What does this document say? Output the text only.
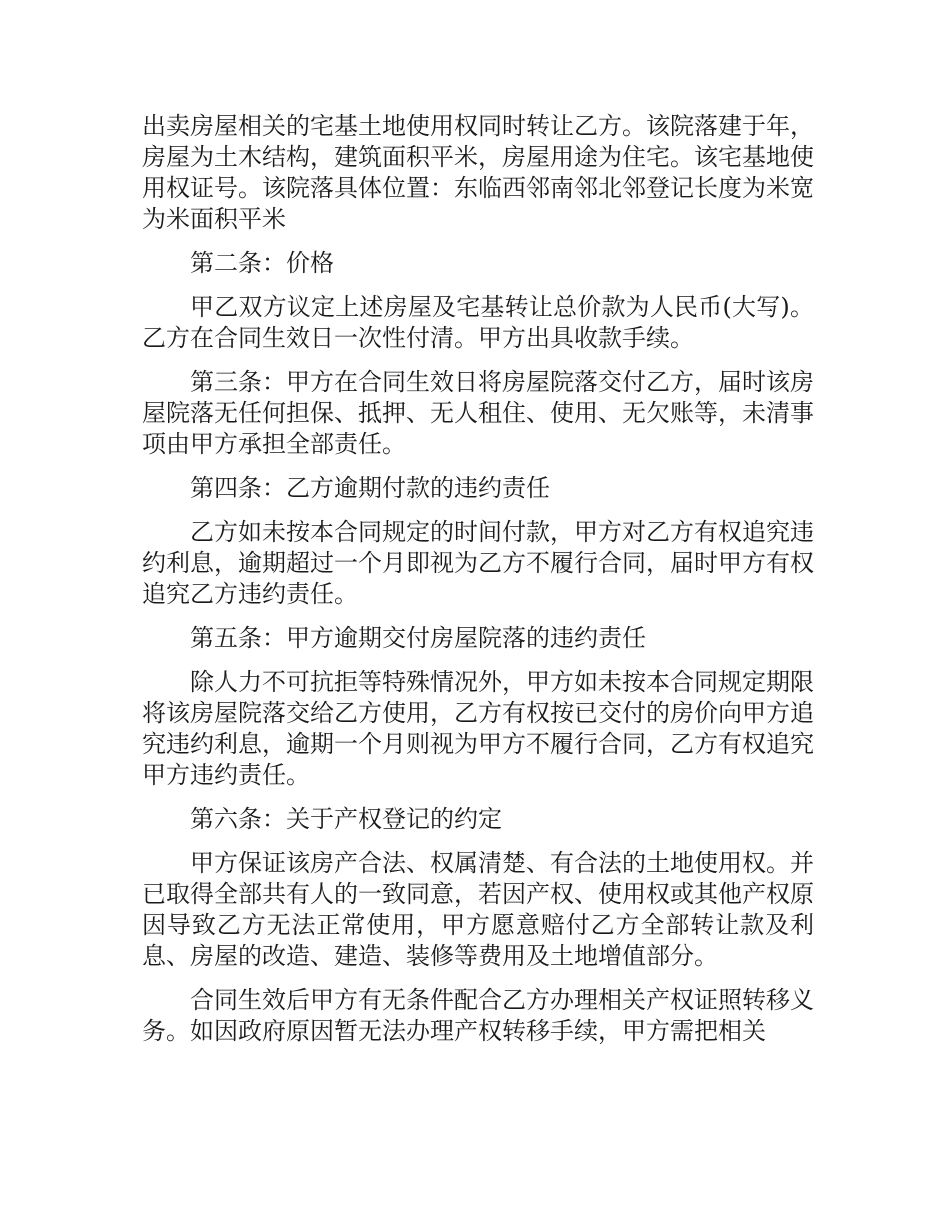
出卖房屋相关的宅基土地使用权同时转让乙方。该院落建于年，房屋为土木结构，建筑面积平米，房屋用途为住宅。该宅基地使用权证号。该院落具体位置：东临西邻南邻北邻登记长度为米宽为米面积平米

第二条：价格

甲乙双方议定上述房屋及宅基转让总价款为人民币(大写)。乙方在合同生效日一次性付清。甲方出具收款手续。

第三条：甲方在合同生效日将房屋院落交付乙方，届时该房屋院落无任何担保、抵押、无人租住、使用、无欠账等，未清事项由甲方承担全部责任。

第四条：乙方逾期付款的违约责任

乙方如未按本合同规定的时间付款，甲方对乙方有权追究违约利息，逾期超过一个月即视为乙方不履行合同，届时甲方有权追究乙方违约责任。

第五条：甲方逾期交付房屋院落的违约责任

除人力不可抗拒等特殊情况外，甲方如未按本合同规定期限将该房屋院落交给乙方使用，乙方有权按已交付的房价向甲方追究违约利息，逾期一个月则视为甲方不履行合同，乙方有权追究甲方违约责任。

第六条：关于产权登记的约定

甲方保证该房产合法、权属清楚、有合法的土地使用权。并已取得全部共有人的一致同意，若因产权、使用权或其他产权原因导致乙方无法正常使用，甲方愿意赔付乙方全部转让款及利息、房屋的改造、建造、装修等费用及土地增值部分。

合同生效后甲方有无条件配合乙方办理相关产权证照转移义务。如因政府原因暂无法办理产权转移手续，甲方需把相关
